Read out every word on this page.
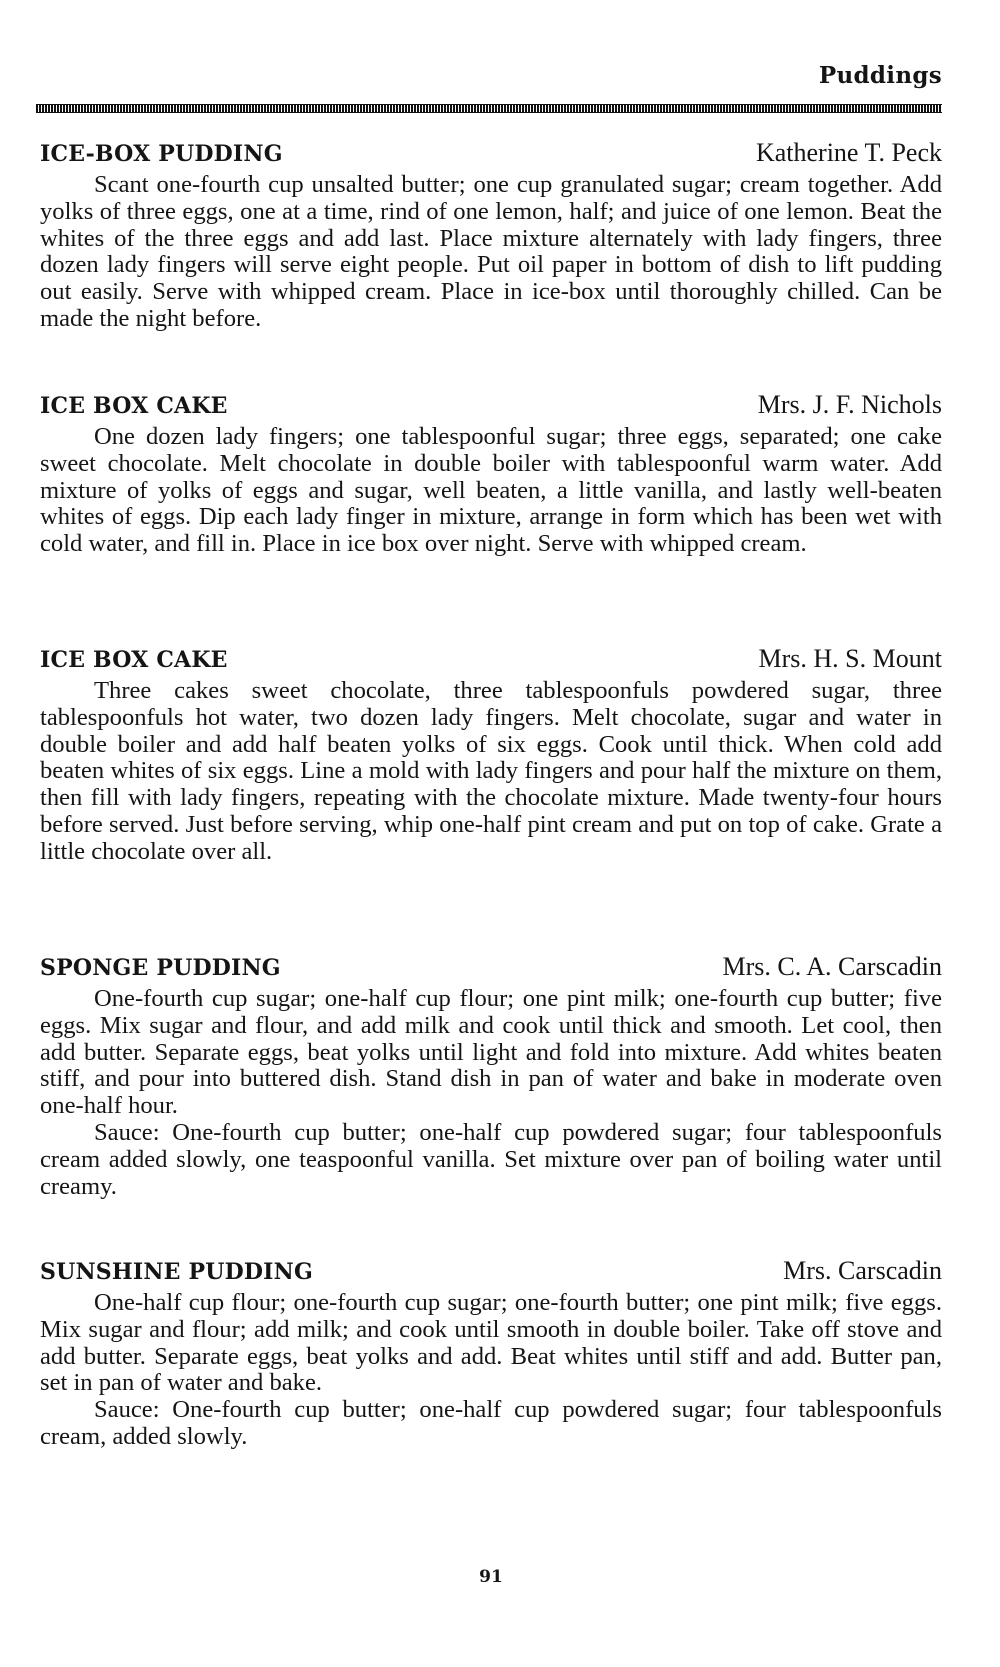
Puddings
ICE-BOX PUDDING	Katherine T. Peck

Scant one-fourth cup unsalted butter; one cup granulated sugar; cream together. Add yolks of three eggs, one at a time, rind of one lemon, half; and juice of one lemon. Beat the whites of the three eggs and add last. Place mixture alternately with lady fingers, three dozen lady fingers will serve eight people. Put oil paper in bottom of dish to lift pudding out easily. Serve with whipped cream. Place in ice-box until thoroughly chilled. Can be made the night before.

ICE BOX CAKE	Mrs. J. F. Nichols

One dozen lady fingers; one tablespoonful sugar; three eggs, separated; one cake sweet chocolate. Melt chocolate in double boiler with tablespoonful warm water. Add mixture of yolks of eggs and sugar, well beaten, a little vanilla, and lastly well-beaten whites of eggs. Dip each lady finger in mixture, arrange in form which has been wet with cold water, and fill in. Place in ice box over night. Serve with whipped cream.

ICE BOX CAKE	Mrs. H. S. Mount

Three cakes sweet chocolate, three tablespoonfuls powdered sugar, three tablespoonfuls hot water, two dozen lady fingers. Melt chocolate, sugar and water in double boiler and add half beaten yolks of six eggs. Cook until thick. When cold add beaten whites of six eggs. Line a mold with lady fingers and pour half the mixture on them, then fill with lady fingers, repeating with the chocolate mixture. Made twenty-four hours before served. Just before serving, whip one-half pint cream and put on top of cake. Grate a little chocolate over all.

SPONGE PUDDING	Mrs. C. A. Carscadin

One-fourth cup sugar; one-half cup flour; one pint milk; one-fourth cup butter; five eggs. Mix sugar and flour, and add milk and cook until thick and smooth. Let cool, then add butter. Separate eggs, beat yolks until light and fold into mixture. Add whites beaten stiff, and pour into buttered dish. Stand dish in pan of water and bake in moderate oven one-half hour.

Sauce: One-fourth cup butter; one-half cup powdered sugar; four tablespoonfuls cream added slowly, one teaspoonful vanilla. Set mixture over pan of boiling water until creamy.

SUNSHINE PUDDING	Mrs. Carscadin

One-half cup flour; one-fourth cup sugar; one-fourth butter; one pint milk; five eggs. Mix sugar and flour; add milk; and cook until smooth in double boiler. Take off stove and add butter. Separate eggs, beat yolks and add. Beat whites until stiff and add. Butter pan, set in pan of water and bake.

Sauce: One-fourth cup butter; one-half cup powdered sugar; four tablespoonfuls cream, added slowly.

91
